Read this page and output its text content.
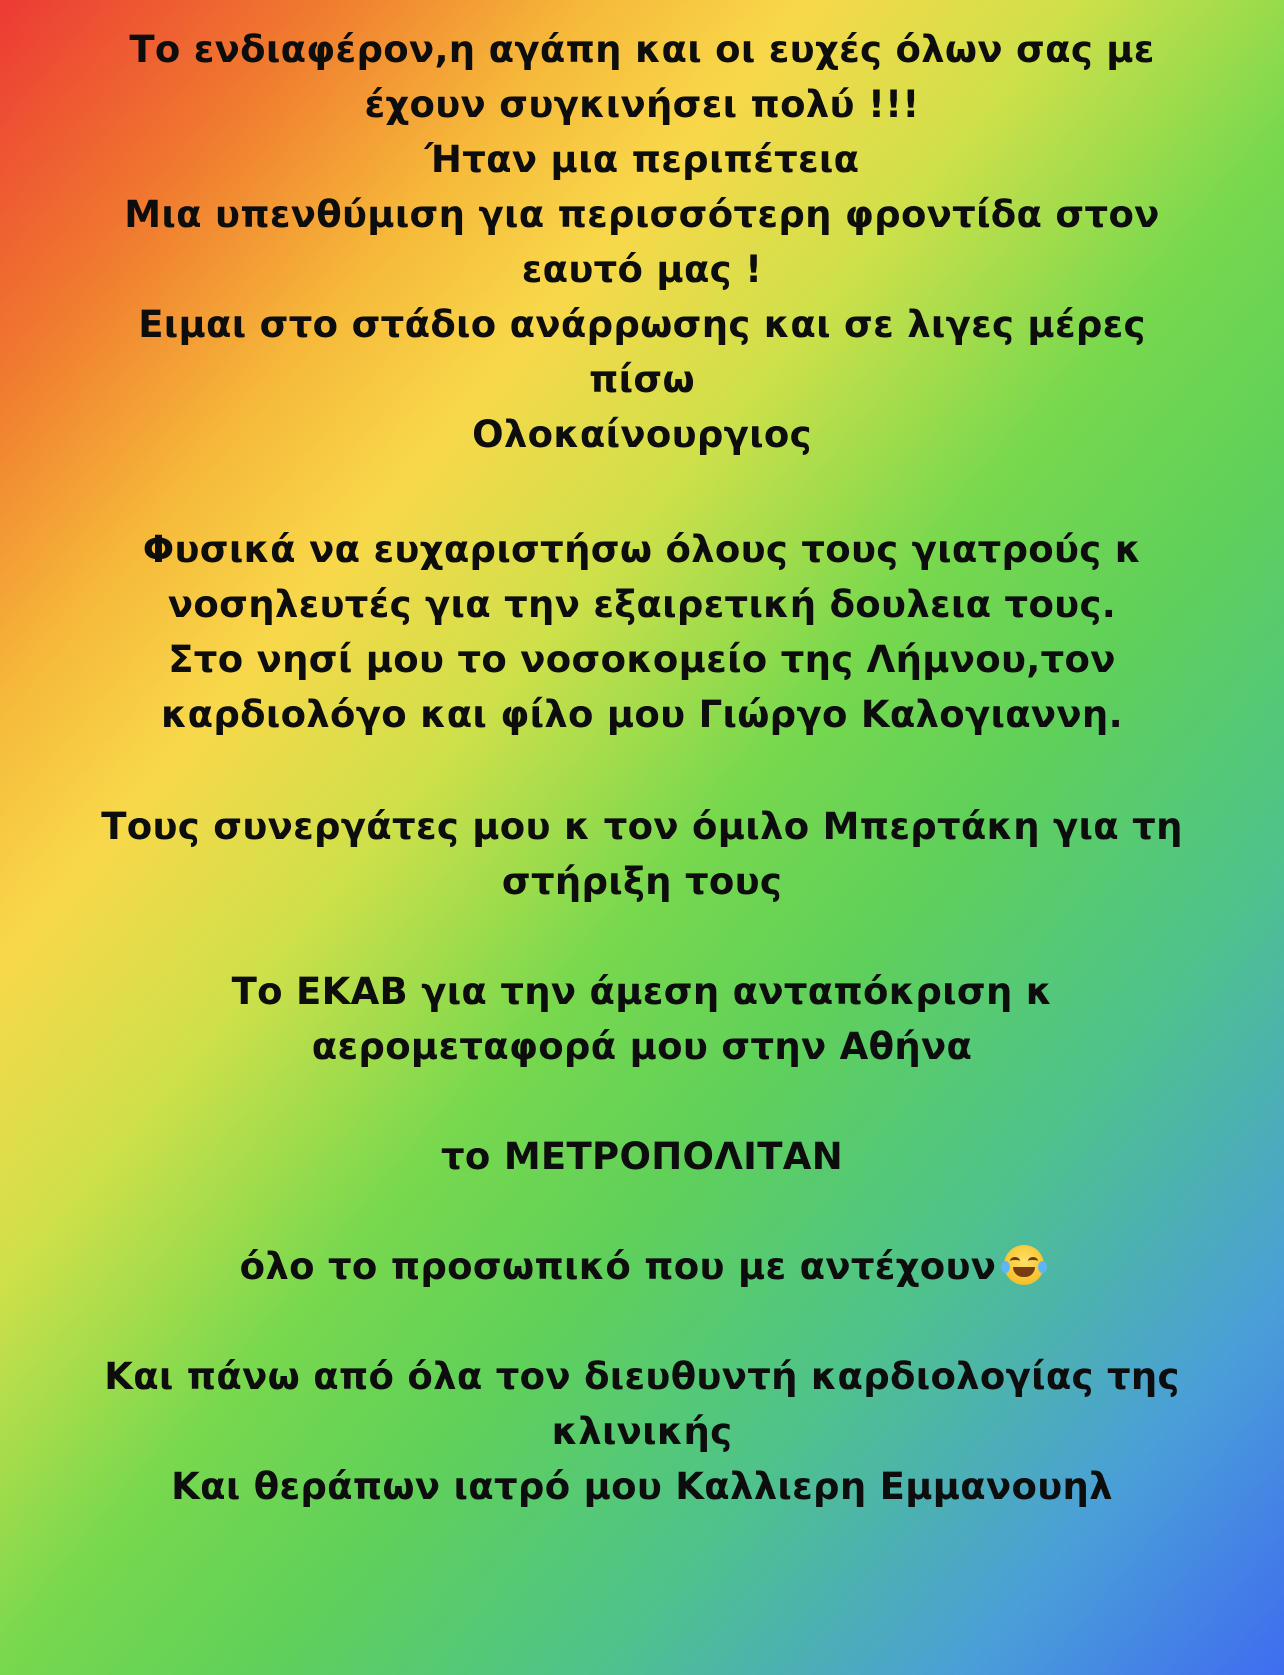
Το ενδιαφέρον,η αγάπη και οι ευχές όλων σας με
έχουν συγκινήσει πολύ !!!
Ήταν μια περιπέτεια
Μια υπενθύμιση για περισσότερη φροντίδα στον
εαυτό μας !
Ειμαι στο στάδιο ανάρρωσης και σε λιγες μέρες
πίσω
Ολοκαίνουργιος
Φυσικά να ευχαριστήσω όλους τους γιατρούς κ
νοσηλευτές για την εξαιρετική δουλεια τους.
Στο νησί μου το νοσοκομείο της Λήμνου,τον
καρδιολόγο και φίλο μου Γιώργο Καλογιαννη.
Τους συνεργάτες μου κ τον όμιλο Μπερτάκη για τη
στήριξη τους
Το ΕΚΑΒ για την άμεση ανταπόκριση κ
αερομεταφορά μου στην Αθήνα
το ΜΕΤΡΟΠΟΛΙΤΑΝ
όλο το προσωπικό που με αντέχουν
Και πάνω από όλα τον διευθυντή καρδιολογίας της
κλινικής
Και θεράπων ιατρό μου Καλλιερη Εμμανουηλ
